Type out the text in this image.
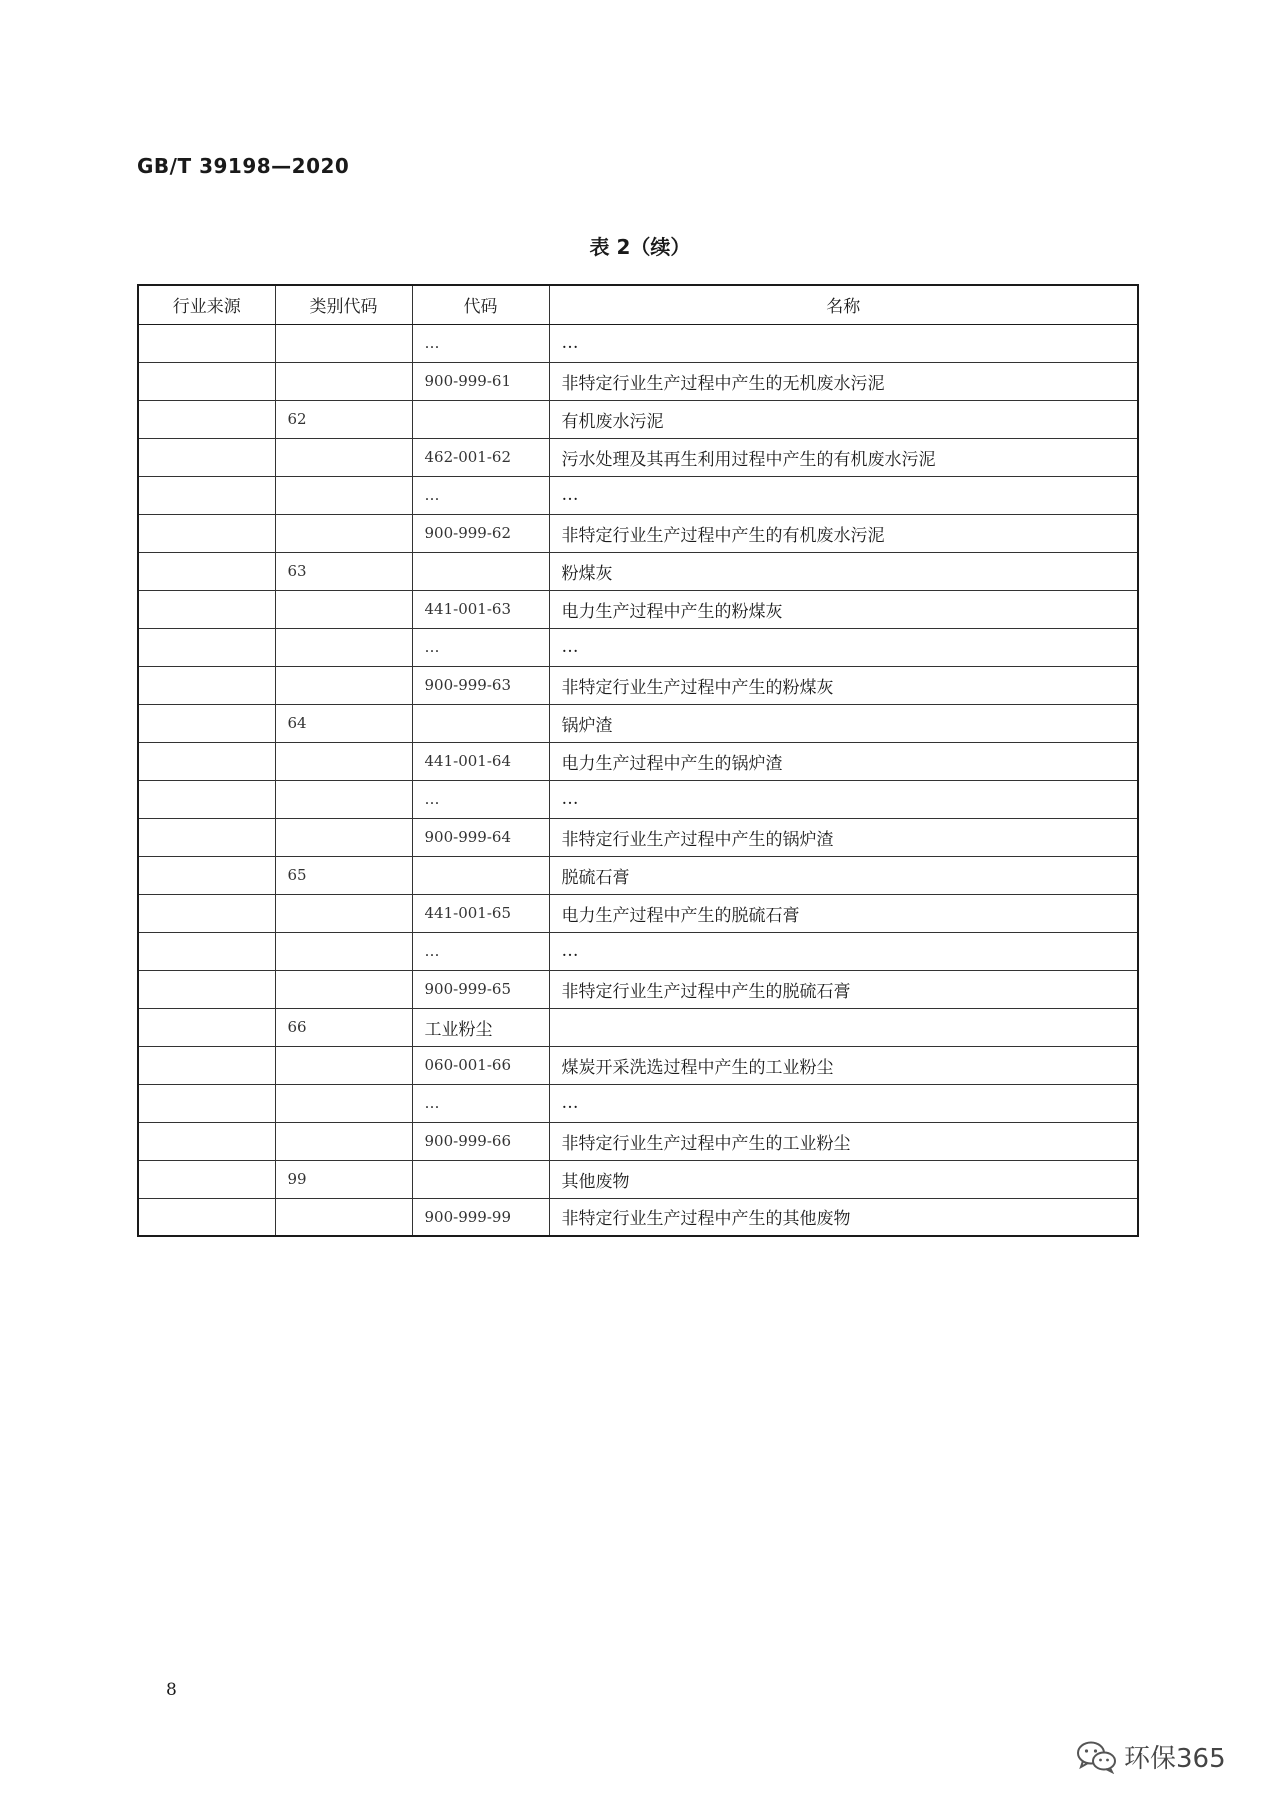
GB/T 39198—2020
表 2（续）
行业来源	类别代码	代码	名称
		…	…
		900-999-61	非特定行业生产过程中产生的无机废水污泥
	62		有机废水污泥
		462-001-62	污水处理及其再生利用过程中产生的有机废水污泥
		…	…
		900-999-62	非特定行业生产过程中产生的有机废水污泥
	63		粉煤灰
		441-001-63	电力生产过程中产生的粉煤灰
		…	…
		900-999-63	非特定行业生产过程中产生的粉煤灰
	64		锅炉渣
		441-001-64	电力生产过程中产生的锅炉渣
		…	…
		900-999-64	非特定行业生产过程中产生的锅炉渣
	65		脱硫石膏
		441-001-65	电力生产过程中产生的脱硫石膏
		…	…
		900-999-65	非特定行业生产过程中产生的脱硫石膏
	66	工业粉尘	
		060-001-66	煤炭开采洗选过程中产生的工业粉尘
		…	…
		900-999-66	非特定行业生产过程中产生的工业粉尘
	99		其他废物
		900-999-99	非特定行业生产过程中产生的其他废物
8
环保365
